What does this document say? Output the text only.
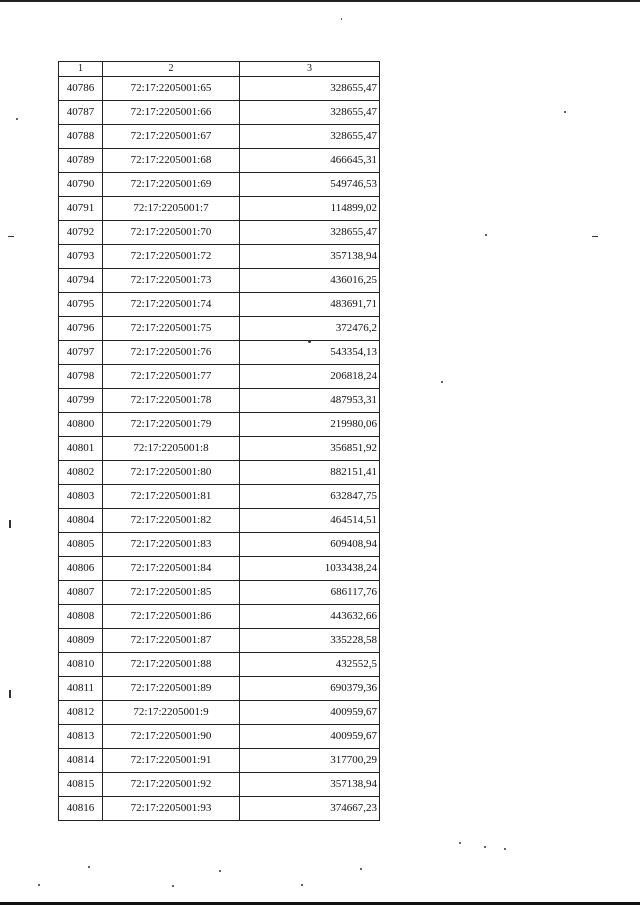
1	2	3
40786	72:17:2205001:65	328655,47
40787	72:17:2205001:66	328655,47
40788	72:17:2205001:67	328655,47
40789	72:17:2205001:68	466645,31
40790	72:17:2205001:69	549746,53
40791	72:17:2205001:7	114899,02
40792	72:17:2205001:70	328655,47
40793	72:17:2205001:72	357138,94
40794	72:17:2205001:73	436016,25
40795	72:17:2205001:74	483691,71
40796	72:17:2205001:75	372476,2
40797	72:17:2205001:76	543354,13
40798	72:17:2205001:77	206818,24
40799	72:17:2205001:78	487953,31
40800	72:17:2205001:79	219980,06
40801	72:17:2205001:8	356851,92
40802	72:17:2205001:80	882151,41
40803	72:17:2205001:81	632847,75
40804	72:17:2205001:82	464514,51
40805	72:17:2205001:83	609408,94
40806	72:17:2205001:84	1033438,24
40807	72:17:2205001:85	686117,76
40808	72:17:2205001:86	443632,66
40809	72:17:2205001:87	335228,58
40810	72:17:2205001:88	432552,5
40811	72:17:2205001:89	690379,36
40812	72:17:2205001:9	400959,67
40813	72:17:2205001:90	400959,67
40814	72:17:2205001:91	317700,29
40815	72:17:2205001:92	357138,94
40816	72:17:2205001:93	374667,23
